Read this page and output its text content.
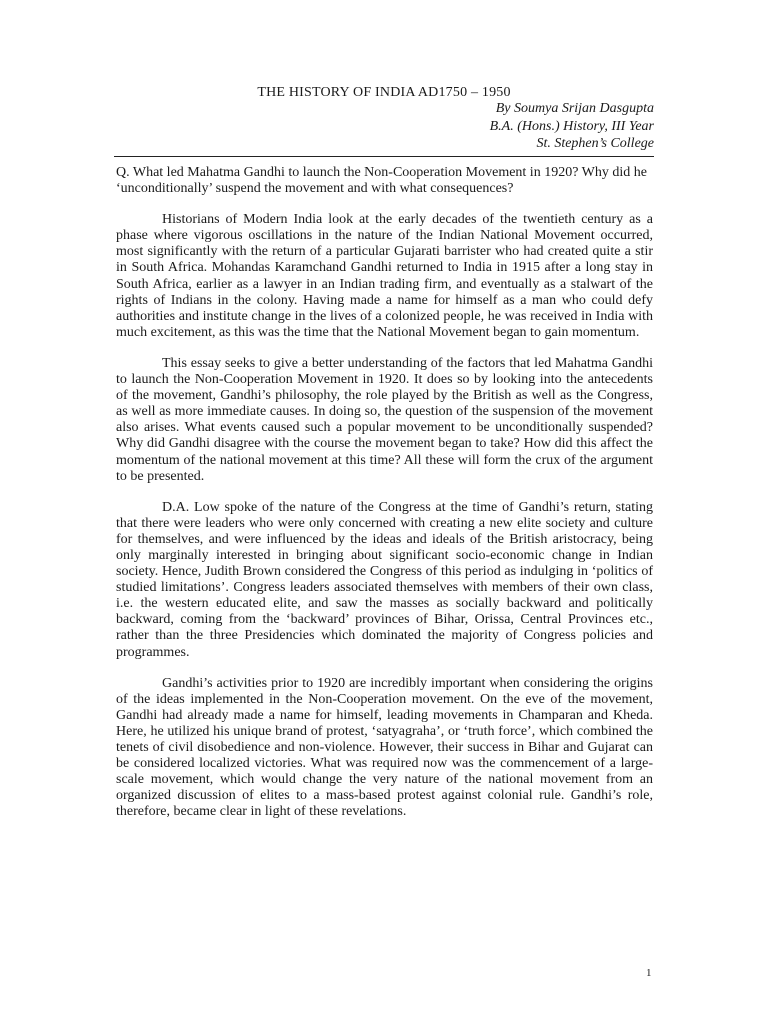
THE HISTORY OF INDIA AD1750 – 1950
By Soumya Srijan Dasgupta
B.A. (Hons.) History, III Year
St. Stephen’s College

Q. What led Mahatma Gandhi to launch the Non-Cooperation Movement in 1920? Why did he ‘unconditionally’ suspend the movement and with what consequences?

Historians of Modern India look at the early decades of the twentieth century as a phase where vigorous oscillations in the nature of the Indian National Movement occurred, most significantly with the return of a particular Gujarati barrister who had created quite a stir in South Africa. Mohandas Karamchand Gandhi returned to India in 1915 after a long stay in South Africa, earlier as a lawyer in an Indian trading firm, and eventually as a stalwart of the rights of Indians in the colony. Having made a name for himself as a man who could defy authorities and institute change in the lives of a colonized people, he was received in India with much excitement, as this was the time that the National Movement began to gain momentum.

This essay seeks to give a better understanding of the factors that led Mahatma Gandhi to launch the Non-Cooperation Movement in 1920. It does so by looking into the antecedents of the movement, Gandhi’s philosophy, the role played by the British as well as the Congress, as well as more immediate causes. In doing so, the question of the suspension of the movement also arises. What events caused such a popular movement to be unconditionally suspended? Why did Gandhi disagree with the course the movement began to take? How did this affect the momentum of the national movement at this time? All these will form the crux of the argument to be presented.

D.A. Low spoke of the nature of the Congress at the time of Gandhi’s return, stating that there were leaders who were only concerned with creating a new elite society and culture for themselves, and were influenced by the ideas and ideals of the British aristocracy, being only marginally interested in bringing about significant socio-economic change in Indian society. Hence, Judith Brown considered the Congress of this period as indulging in ‘politics of studied limitations’. Congress leaders associated themselves with members of their own class, i.e. the western educated elite, and saw the masses as socially backward and politically backward, coming from the ‘backward’ provinces of Bihar, Orissa, Central Provinces etc., rather than the three Presidencies which dominated the majority of Congress policies and programmes.

Gandhi’s activities prior to 1920 are incredibly important when considering the origins of the ideas implemented in the Non-Cooperation movement. On the eve of the movement, Gandhi had already made a name for himself, leading movements in Champaran and Kheda. Here, he utilized his unique brand of protest, ‘satyagraha’, or ‘truth force’, which combined the tenets of civil disobedience and non-violence. However, their success in Bihar and Gujarat can be considered localized victories. What was required now was the commencement of a large-scale movement, which would change the very nature of the national movement from an organized discussion of elites to a mass-based protest against colonial rule. Gandhi’s role, therefore, became clear in light of these revelations.

1
